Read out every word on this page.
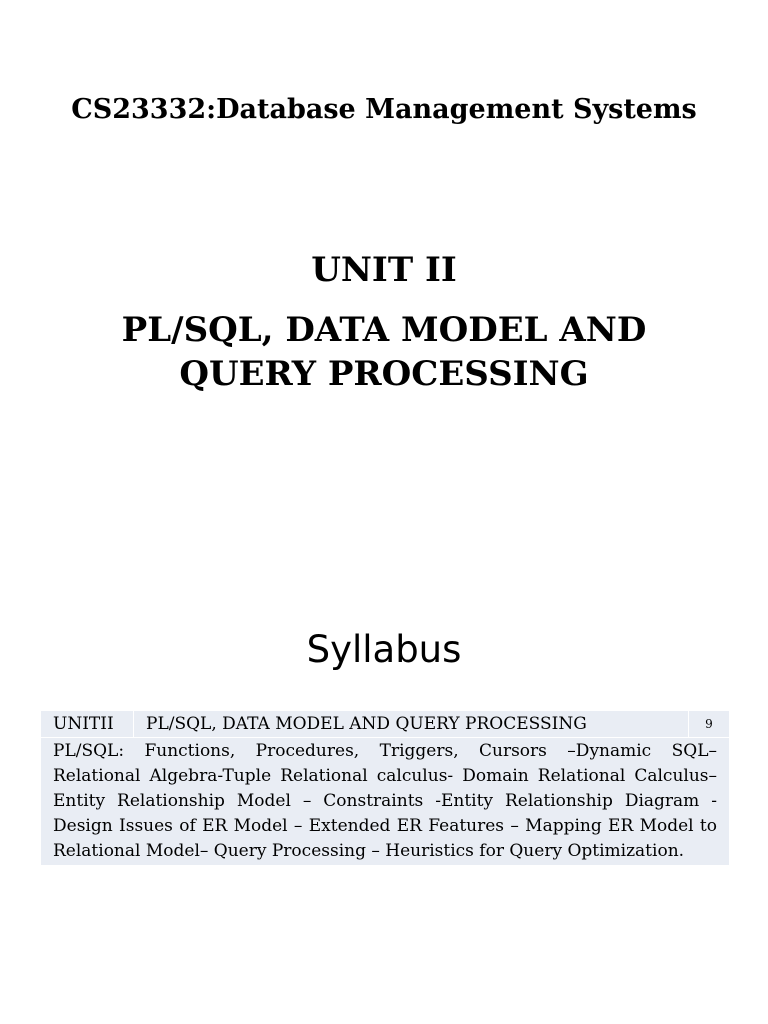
CS23332:Database Management Systems
UNIT II
PL/SQL, DATA MODEL AND
QUERY PROCESSING
Syllabus
UNITII	PL/SQL, DATA MODEL AND QUERY PROCESSING	9
PL/SQL: Functions, Procedures, Triggers, Cursors –Dynamic SQL– Relational Algebra-Tuple Relational calculus- Domain Relational Calculus– Entity Relationship Model – Constraints -Entity Relationship Diagram - Design Issues of ER Model – Extended ER Features – Mapping ER Model to Relational Model– Query Processing – Heuristics for Query Optimization.
